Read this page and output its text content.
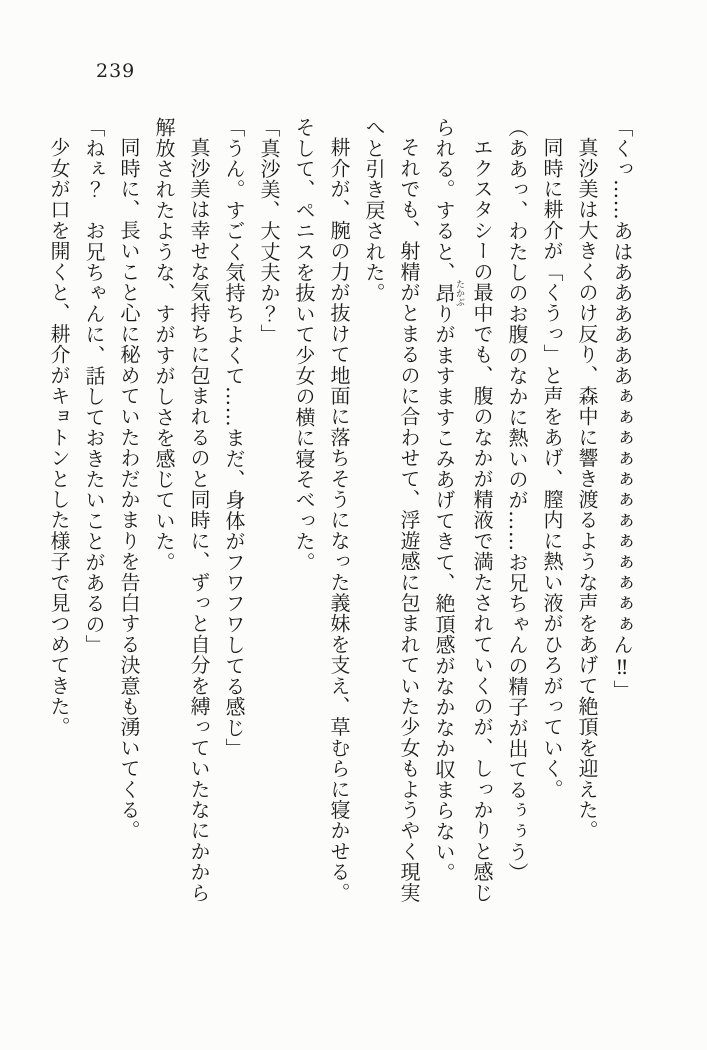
239
「くっ……あはああああああぁぁぁぁぁぁぁぁぁぁぁぁん‼」
真沙美は大きくのけ反り、森中に響き渡るような声をあげて絶頂を迎えた。
同時に耕介が「くうっ」と声をあげ、膣内に熱い液がひろがっていく。
（ああっ、わたしのお腹のなかに熱いのが……お兄ちゃんの精子が出てるぅぅう）
エクスタシーの最中でも、腹のなかが精液で満たされていくのが、しっかりと感じ
られる。すると、昂たかぶりがますますこみあげてきて、絶頂感がなかなか収まらない。
それでも、射精がとまるのに合わせて、浮遊感に包まれていた少女もようやく現実
へと引き戻された。
耕介が、腕の力が抜けて地面に落ちそうになった義妹を支え、草むらに寝かせる。
そして、ペニスを抜いて少女の横に寝そべった。
「真沙美、大丈夫か？」
「うん。すごく気持ちよくて……まだ、身体がフワフワしてる感じ」
真沙美は幸せな気持ちに包まれるのと同時に、ずっと自分を縛っていたなにかから
解放されたような、すがすがしさを感じていた。
同時に、長いこと心に秘めていたわだかまりを告白する決意も湧いてくる。
「ねぇ？　お兄ちゃんに、話しておきたいことがあるの」
少女が口を開くと、耕介がキョトンとした様子で見つめてきた。
